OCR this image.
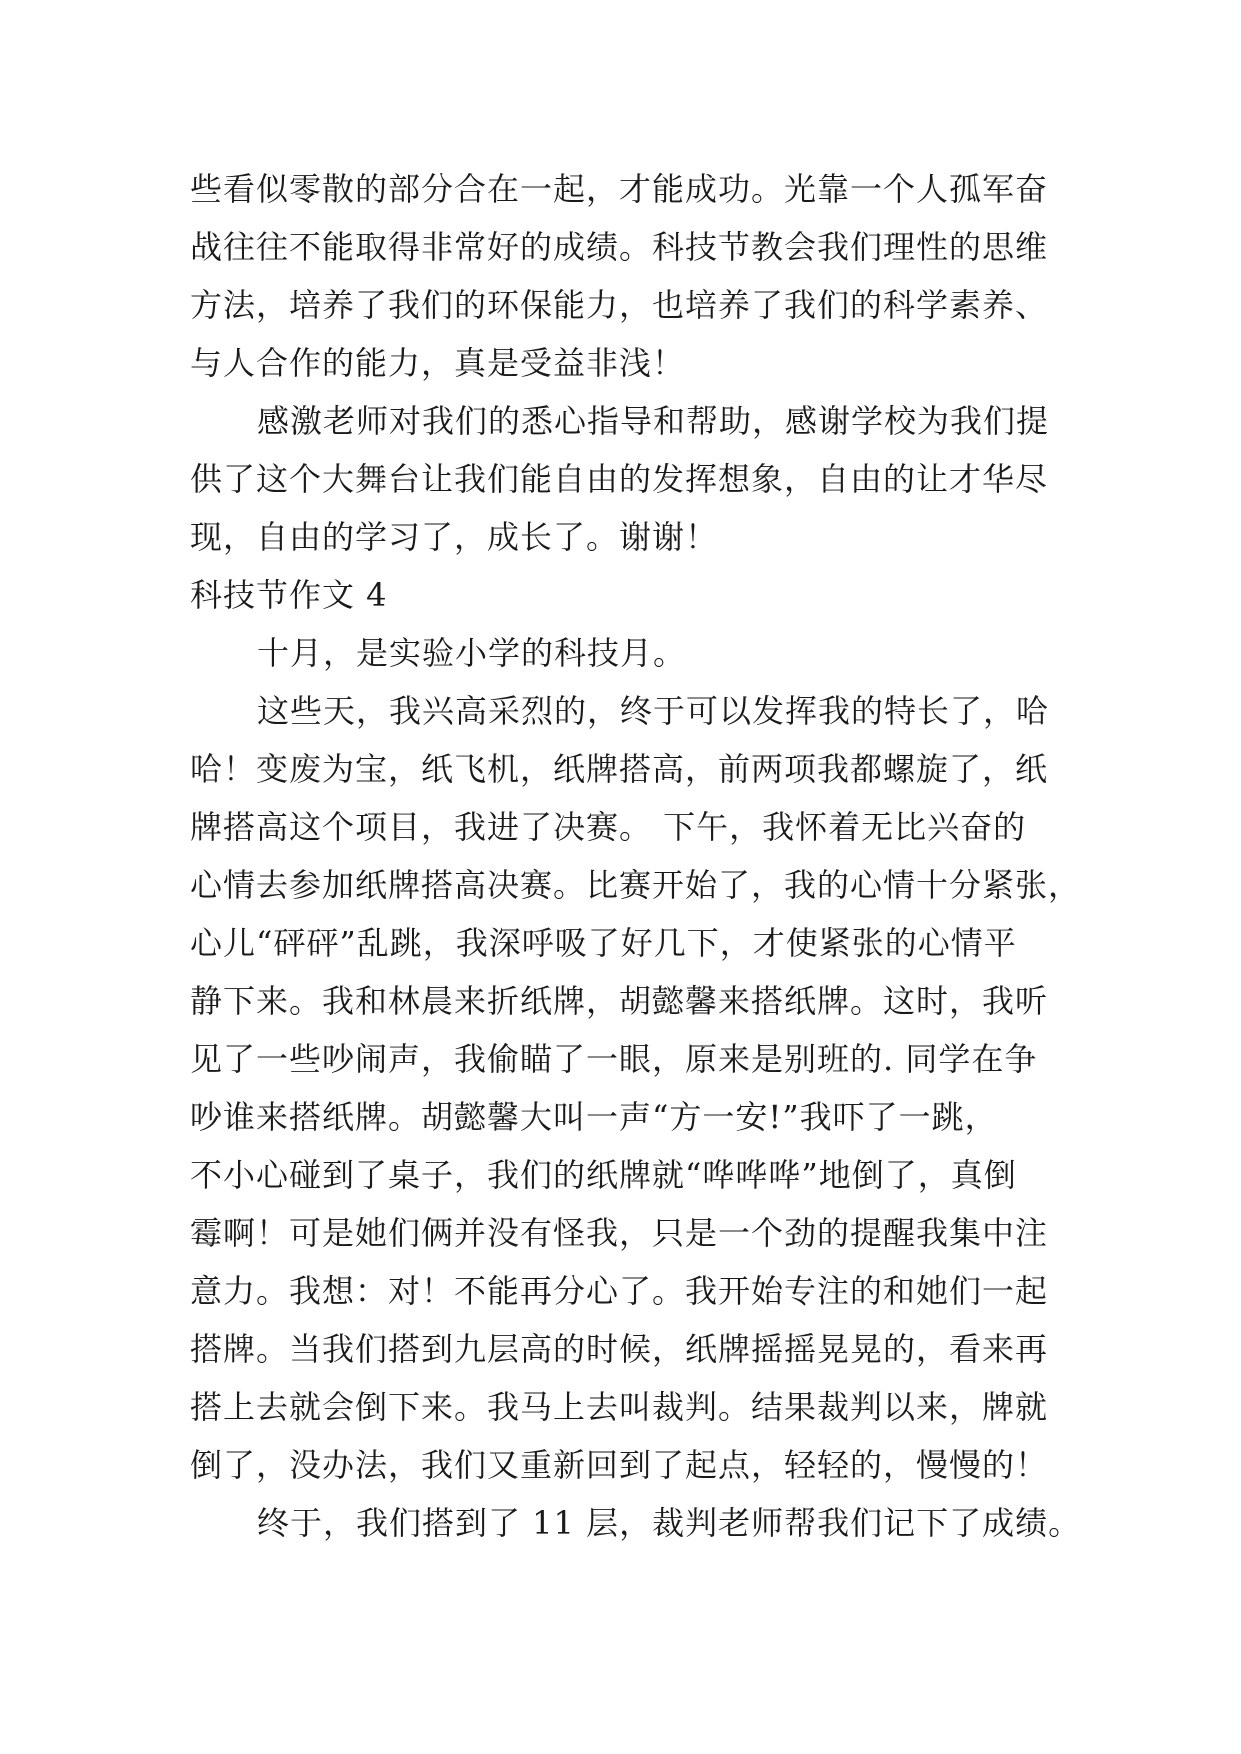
些看似零散的部分合在一起，才能成功。光靠一个人孤军奋
战往往不能取得非常好的成绩。科技节教会我们理性的思维
方法，培养了我们的环保能力，也培养了我们的科学素养、
与人合作的能力，真是受益非浅！
感激老师对我们的悉心指导和帮助，感谢学校为我们提
供了这个大舞台让我们能自由的发挥想象，自由的让才华尽
现，自由的学习了，成长了。谢谢！
科技节作文 4
十月，是实验小学的科技月。
这些天，我兴高采烈的，终于可以发挥我的特长了，哈
哈！变废为宝，纸飞机，纸牌搭高，前两项我都螺旋了，纸
牌搭高这个项目，我进了决赛。 下午，我怀着无比兴奋的
心情去参加纸牌搭高决赛。比赛开始了，我的心情十分紧张，
心儿“砰砰”乱跳，我深呼吸了好几下，才使紧张的心情平
静下来。我和林晨来折纸牌，胡懿馨来搭纸牌。这时，我听
见了一些吵闹声，我偷瞄了一眼，原来是别班的. 同学在争
吵谁来搭纸牌。胡懿馨大叫一声“方一安!”我吓了一跳，
不小心碰到了桌子，我们的纸牌就“哗哗哗”地倒了，真倒
霉啊！可是她们俩并没有怪我，只是一个劲的提醒我集中注
意力。我想：对！不能再分心了。我开始专注的和她们一起
搭牌。当我们搭到九层高的时候，纸牌摇摇晃晃的，看来再
搭上去就会倒下来。我马上去叫裁判。结果裁判以来，牌就
倒了，没办法，我们又重新回到了起点，轻轻的，慢慢的！
终于，我们搭到了 11 层，裁判老师帮我们记下了成绩。
